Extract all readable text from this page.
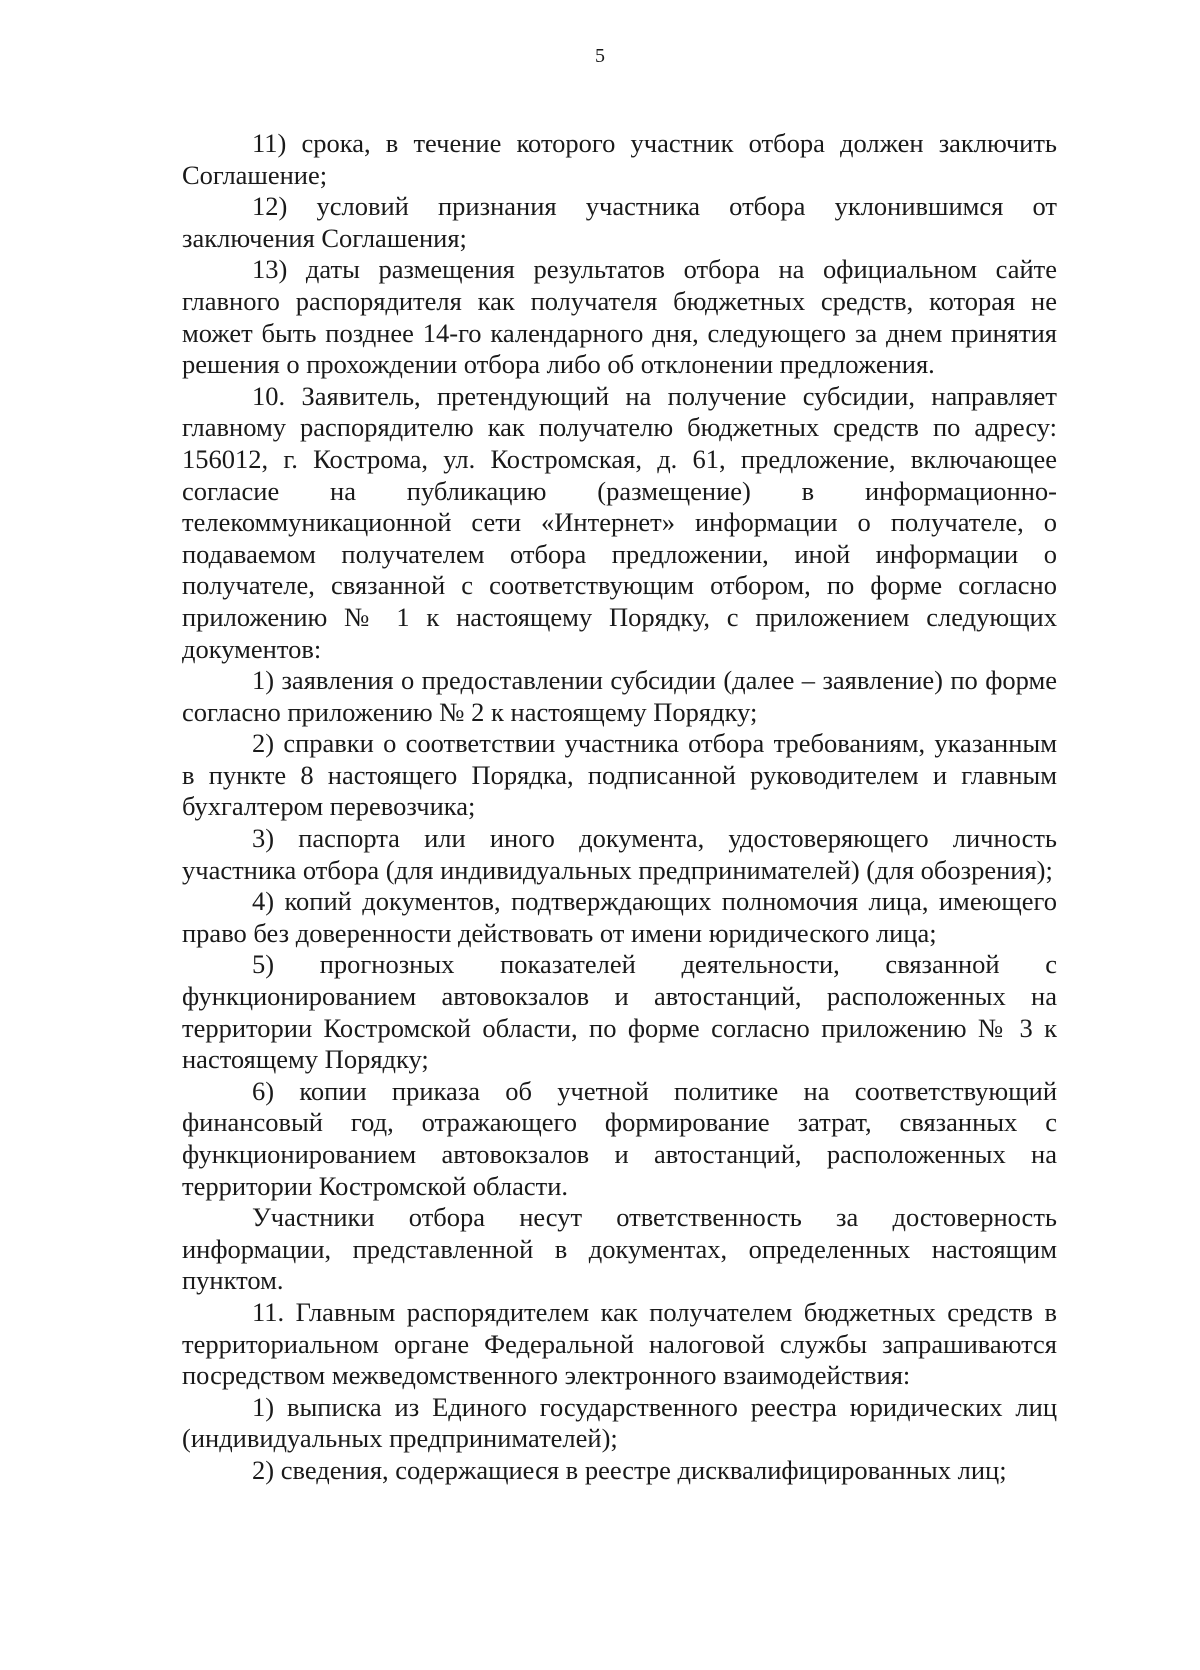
5

11) срока, в течение которого участник отбора должен заключить Соглашение;

12) условий признания участника отбора уклонившимся от заключения Соглашения;

13) даты размещения результатов отбора на официальном сайте главного распорядителя как получателя бюджетных средств, которая не может быть позднее 14-го календарного дня, следующего за днем принятия решения о прохождении отбора либо об отклонении предложения.

10. Заявитель, претендующий на получение субсидии, направляет главному распорядителю как получателю бюджетных средств по адресу: 156012, г. Кострома, ул. Костромская, д. 61, предложение, включающее согласие на публикацию (размещение) в информационно-телекоммуникационной сети «Интернет» информации о получателе, о подаваемом получателем отбора предложении, иной информации о получателе, связанной с соответствующим отбором, по форме согласно приложению № 1 к настоящему Порядку, с приложением следующих документов:

1) заявления о предоставлении субсидии (далее – заявление) по форме согласно приложению № 2 к настоящему Порядку;

2) справки о соответствии участника отбора требованиям, указанным в пункте 8 настоящего Порядка, подписанной руководителем и главным бухгалтером перевозчика;

3) паспорта или иного документа, удостоверяющего личность участника отбора (для индивидуальных предпринимателей) (для обозрения);

4) копий документов, подтверждающих полномочия лица, имеющего право без доверенности действовать от имени юридического лица;

5) прогнозных показателей деятельности, связанной с функционированием автовокзалов и автостанций, расположенных на территории Костромской области, по форме согласно приложению № 3 к настоящему Порядку;

6) копии приказа об учетной политике на соответствующий финансовый год, отражающего формирование затрат, связанных с функционированием автовокзалов и автостанций, расположенных на территории Костромской области.

Участники отбора несут ответственность за достоверность информации, представленной в документах, определенных настоящим пунктом.

11. Главным распорядителем как получателем бюджетных средств в территориальном органе Федеральной налоговой службы запрашиваются посредством межведомственного электронного взаимодействия:

1) выписка из Единого государственного реестра юридических лиц (индивидуальных предпринимателей);

2) сведения, содержащиеся в реестре дисквалифицированных лиц;
